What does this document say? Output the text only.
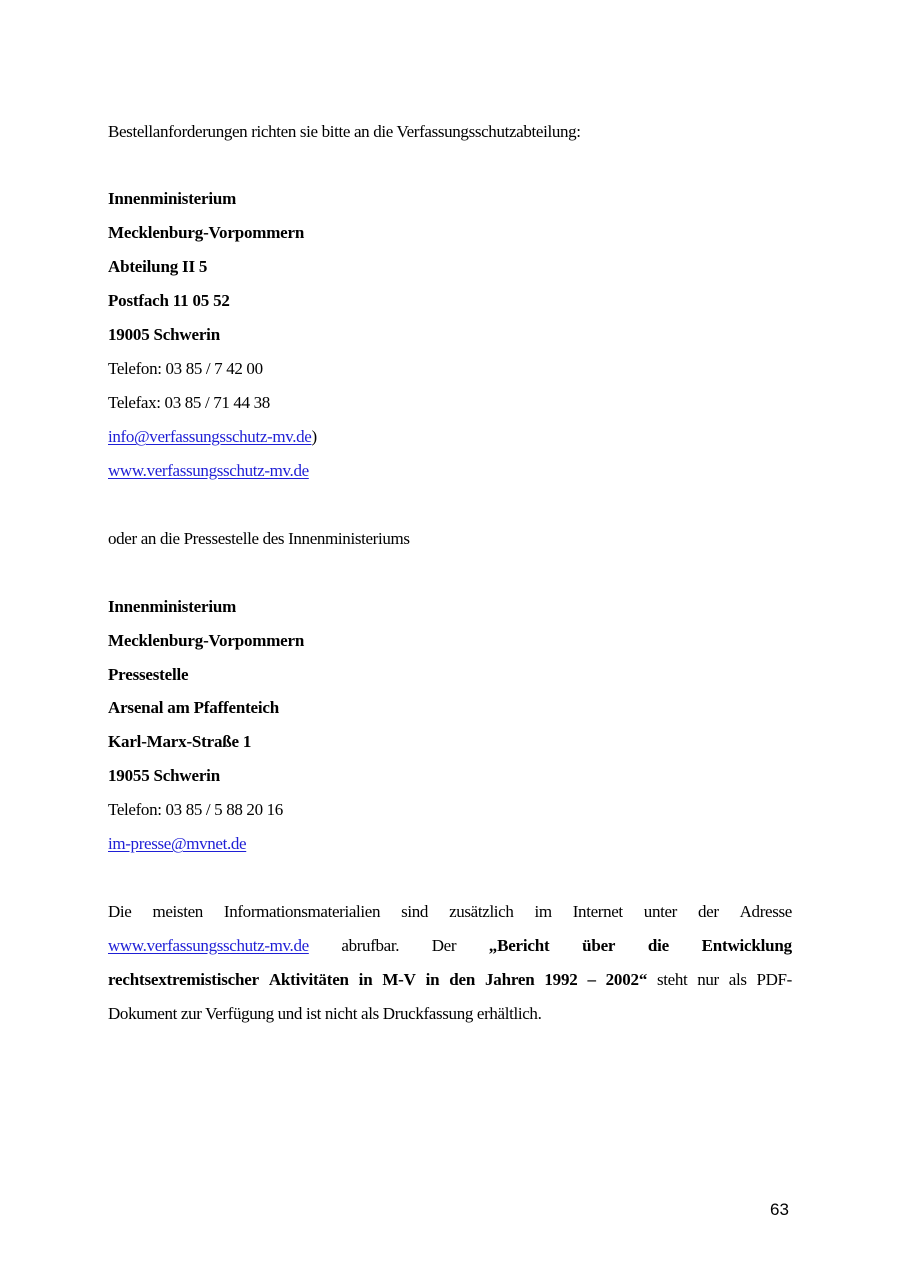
Bestellanforderungen richten sie bitte an die Verfassungsschutzabteilung:
Innenministerium
Mecklenburg-Vorpommern
Abteilung II 5
Postfach 11 05 52
19005 Schwerin
Telefon: 03 85 / 7 42 00
Telefax: 03 85 / 71 44 38
info@verfassungsschutz-mv.de)
www.verfassungsschutz-mv.de
oder an die Pressestelle des Innenministeriums
Innenministerium
Mecklenburg-Vorpommern
Pressestelle
Arsenal am Pfaffenteich
Karl-Marx-Straße 1
19055 Schwerin
Telefon: 03 85 / 5 88 20 16
im-presse@mvnet.de
Die meisten Informationsmaterialien sind zusätzlich im Internet unter der Adresse
www.verfassungsschutz-mv.de abrufbar. Der „Bericht über die Entwicklung
rechtsextremistischer Aktivitäten in M-V in den Jahren 1992 – 2002“ steht nur als PDF-
Dokument zur Verfügung und ist nicht als Druckfassung erhältlich.
63
